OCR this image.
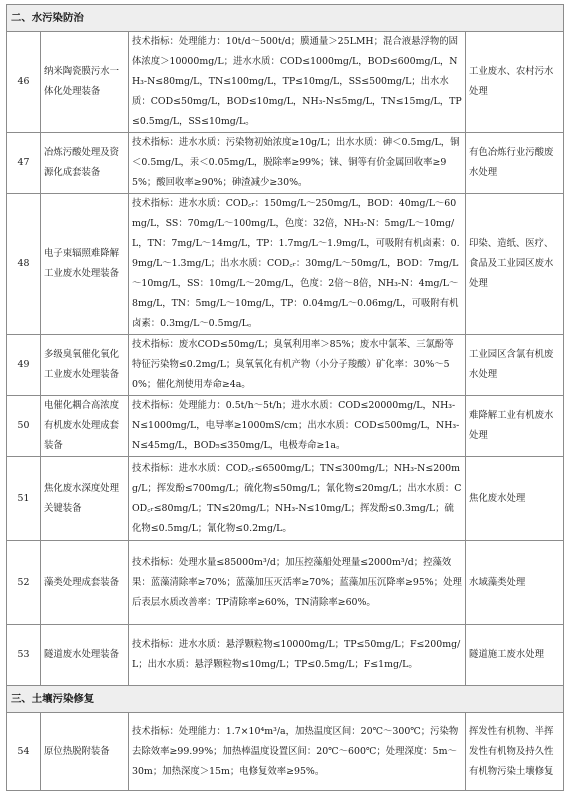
二、水污染防治			
46	纳米陶瓷膜污水一体化处理装备	技术指标：处理能力：10t/d～500t/d；膜通量＞25LMH；混合液悬浮物的固体浓度＞10000mg/L；进水水质：COD≤1000mg/L，BOD≤600mg/L，NH₃-N≤80mg/L，TN≤100mg/L，TP≤10mg/L，SS≤500mg/L；出水水质：COD≤50mg/L，BOD≤10mg/L，NH₃-N≤5mg/L，TN≤15mg/L，TP≤0.5mg/L，SS≤10mg/L。	工业废水、农村污水处理
47	冶炼污酸处理及资源化成套装备	技术指标：进水水质：污染物初始浓度≥10g/L；出水水质：砷＜0.5mg/L，铜＜0.5mg/L，汞＜0.05mg/L，脱除率≥99%；铼、铜等有价金属回收率≥95%；酸回收率≥90%；砷渣减少≥30%。	有色冶炼行业污酸废水处理
48	电子束辐照难降解工业废水处理装备	技术指标：进水水质：COD꜀ᵣ：150mg/L～250mg/L，BOD：40mg/L～60mg/L，SS：70mg/L～100mg/L，色度：32倍，NH₃-N：5mg/L～10mg/L，TN：7mg/L～14mg/L，TP：1.7mg/L～1.9mg/L，可吸附有机卤素：0.9mg/L～1.3mg/L；出水水质：COD꜀ᵣ：30mg/L～50mg/L，BOD：7mg/L～10mg/L，SS：10mg/L～20mg/L，色度：2倍～8倍，NH₃-N：4mg/L～8mg/L，TN：5mg/L～10mg/L，TP：0.04mg/L～0.06mg/L，可吸附有机卤素：0.3mg/L～0.5mg/L。	印染、造纸、医疗、食品及工业园区废水处理
49	多级臭氧催化氧化工业废水处理装备	技术指标：废水COD≤50mg/L；臭氧利用率＞85%；废水中氯苯、三氯酚等特征污染物≤0.2mg/L；臭氧氧化有机产物（小分子羧酸）矿化率：30%～50%；催化剂使用寿命≥4a。	工业园区含氯有机废水处理
50	电催化耦合高浓度有机废水处理成套装备	技术指标：处理能力：0.5t/h～5t/h；进水水质：COD≤20000mg/L，NH₃-N≤1000mg/L，电导率≥1000mS/cm；出水水质：COD≤500mg/L，NH₃-N≤45mg/L，BOD₅≤350mg/L，电极寿命≥1a。	难降解工业有机废水处理
51	焦化废水深度处理关键装备	技术指标：进水水质：COD꜀ᵣ≤6500mg/L；TN≤300mg/L；NH₃-N≤200mg/L；挥发酚≤700mg/L；硫化物≤50mg/L；氰化物≤20mg/L；出水水质：COD꜀ᵣ≤80mg/L；TN≤20mg/L；NH₃-N≤10mg/L；挥发酚≤0.3mg/L；硫化物≤0.5mg/L；氰化物≤0.2mg/L。	焦化废水处理
52	藻类处理成套装备	技术指标：处理水量≤85000m³/d；加压控藻船处理量≤2000m³/d；控藻效果：蓝藻清除率≥70%；蓝藻加压灭活率≥70%；蓝藻加压沉降率≥95%；处理后表层水质改善率：TP清除率≥60%，TN清除率≥60%。	水域藻类处理
53	隧道废水处理装备	技术指标：进水水质：悬浮颗粒物≤10000mg/L；TP≤50mg/L；F≤200mg/L；出水水质：悬浮颗粒物≤10mg/L；TP≤0.5mg/L；F≤1mg/L。	隧道施工废水处理
三、土壤污染修复			
54	原位热脱附装备	技术指标：处理能力：1.7×10⁴m³/a，加热温度区间：20℃～300℃；污染物去除效率≥99.99%；加热棒温度设置区间：20℃～600℃；处理深度：5m～30m；加热深度＞15m；电修复效率≥95%。	挥发性有机物、半挥发性有机物及持久性有机物污染土壤修复
